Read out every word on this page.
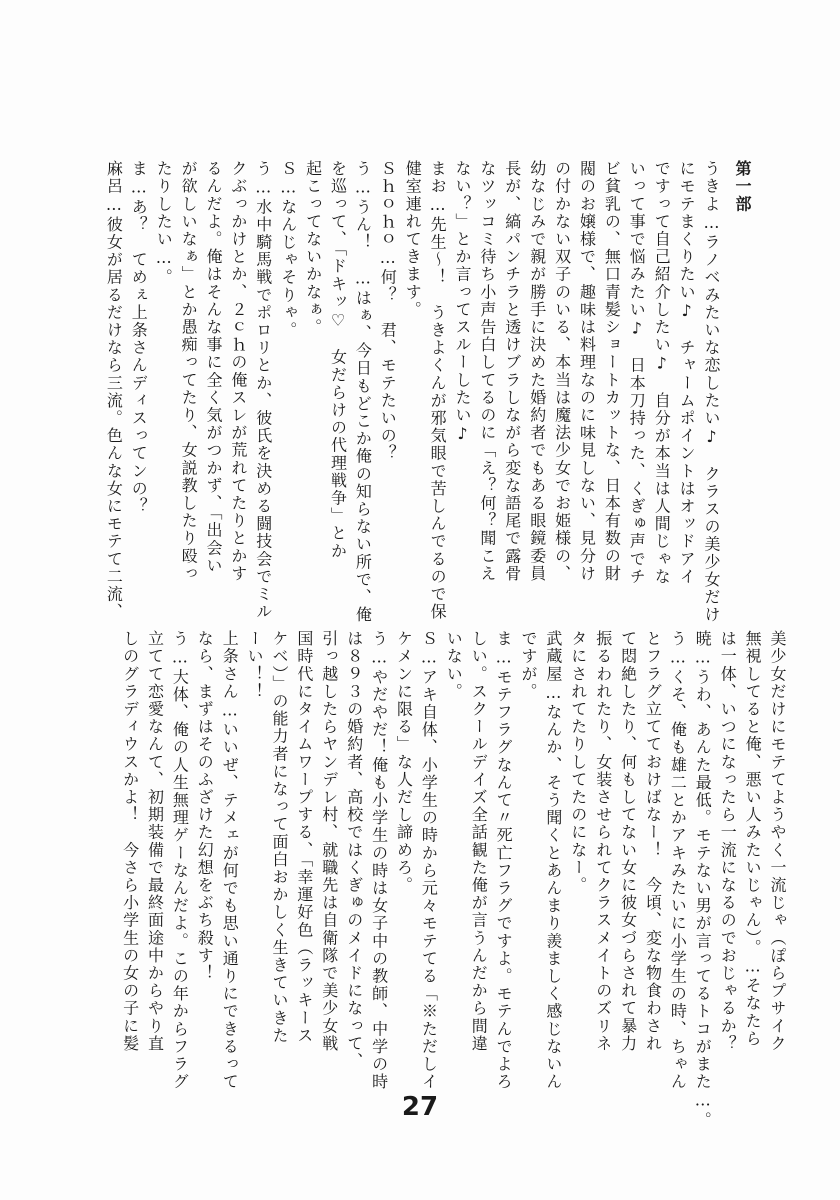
第一部
うきよ…ラノベみたいな恋したい♪　クラスの美少女だけ
にモテまくりたい♪　チャームポイントはオッドアイ
ですって自己紹介したい♪　自分が本当は人間じゃな
いって事で悩みたい♪　日本刀持った、くぎゅ声でチ
ビ貧乳の、無口青髪ショートカットな、日本有数の財
閥のお嬢様で、趣味は料理なのに味見しない、見分け
の付かない双子のいる、本当は魔法少女でお姫様の、
幼なじみで親が勝手に決めた婚約者でもある眼鏡委員
長が、縞パンチラと透けブラしながら変な語尾で露骨
なツッコミ待ち小声告白してるのに「え？何？聞こえ
ない？」とか言ってスルーしたい♪
まお…先生〜！　うきよくんが邪気眼で苦しんでるので保
健室連れてきます。
Ｓｈｏｈｏ…何？　君、モテたいの？
う…うん！　…はぁ、今日もどこか俺の知らない所で、俺
を巡って、「ドキッ♡　女だらけの代理戦争」とか
起こってないかなぁ。
Ｓ…なんじゃそりゃ。
う…水中騎馬戦でポロリとか、彼氏を決める闘技会でミル
クぶっかけとか、２ｃｈの俺スレが荒れてたりとかす
るんだよ。俺はそんな事に全く気がつかず、「出会い
が欲しいなぁ」とか愚痴ってたり、女説教したり殴っ
たりしたい…。
ま…あ？　てめぇ上条さんディスってンの？
麻呂…彼女が居るだけなら三流。色んな女にモテて二流、
美少女だけにモテてようやく一流じゃ（ぽらプサイク
無視してると俺、悪い人みたいじゃん）。…そなたら
は一体、いつになったら一流になるのでおじゃるか？
暁…うわ、あんた最低。モテない男が言ってるトコがまた…。
う…くそ、俺も雄二とかアキみたいに小学生の時、ちゃん
とフラグ立てておけばなー！　今頃、変な物食わされ
て悶絶したり、何もしてない女に彼女づらされて暴力
振るわれたり、女装させられてクラスメイトのズリネ
タにされてたりしてたのになー。
武蔵屋…なんか、そう聞くとあんまり羨ましく感じないん
ですが。
ま…モテフラグなんて〃死亡フラグですよ。モテんでよろ
しい。スクールデイズ全話観た俺が言うんだから間違
いない。
Ｓ…アキ自体、小学生の時から元々モテてる「※ただしイ
ケメンに限る」な人だし諦めろ。
う…やだやだ！俺も小学生の時は女子中の教師、中学の時
は８９３の婚約者、高校ではくぎゅのメイドになって、
引っ越したらヤンデレ村、就職先は自衛隊で美少女戦
国時代にタイムワープする、「幸運好色（ラッキース
ケベ）」の能力者になって面白おかしく生きていきた
ーい！！
上条さん…いいぜ、テメェが何でも思い通りにできるって
なら、まずはそのふざけた幻想をぶち殺す！
う…大体、俺の人生無理ゲーなんだよ。この年からフラグ
立てて恋愛なんて、初期装備で最終面途中からやり直
しのグラディウスかよ！　今さら小学生の女の子に髪
27
